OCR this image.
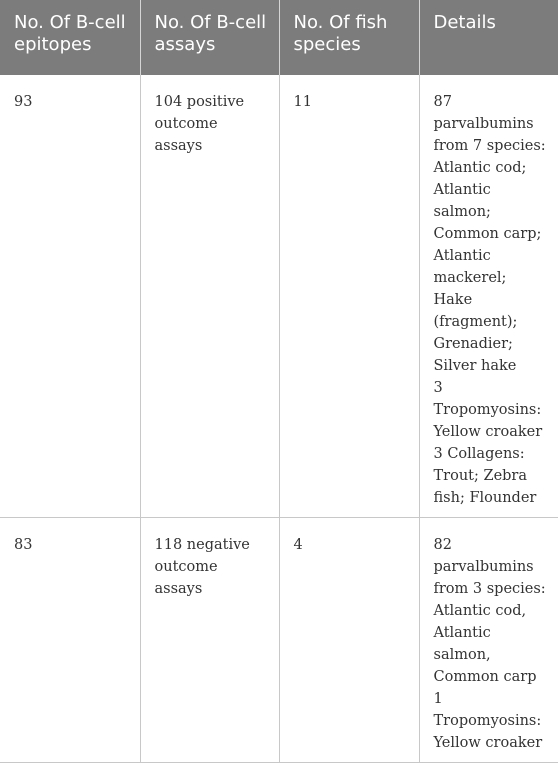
No. Of B-cell epitopes	No. Of B-cell assays	No. Of fish species	Details
93	104 positive outcome assays	11	87 parvalbumins from 7 species: Atlantic cod; Atlantic salmon; Common carp; Atlantic mackerel; Hake (fragment); Grenadier; Silver hake
3 Tropomyosins: Yellow croaker
3 Collagens: Trout; Zebra fish; Flounder

83	118 negative outcome assays	4	82 parvalbumins from 3 species: Atlantic cod, Atlantic salmon, Common carp
1 Tropomyosins: Yellow croaker
